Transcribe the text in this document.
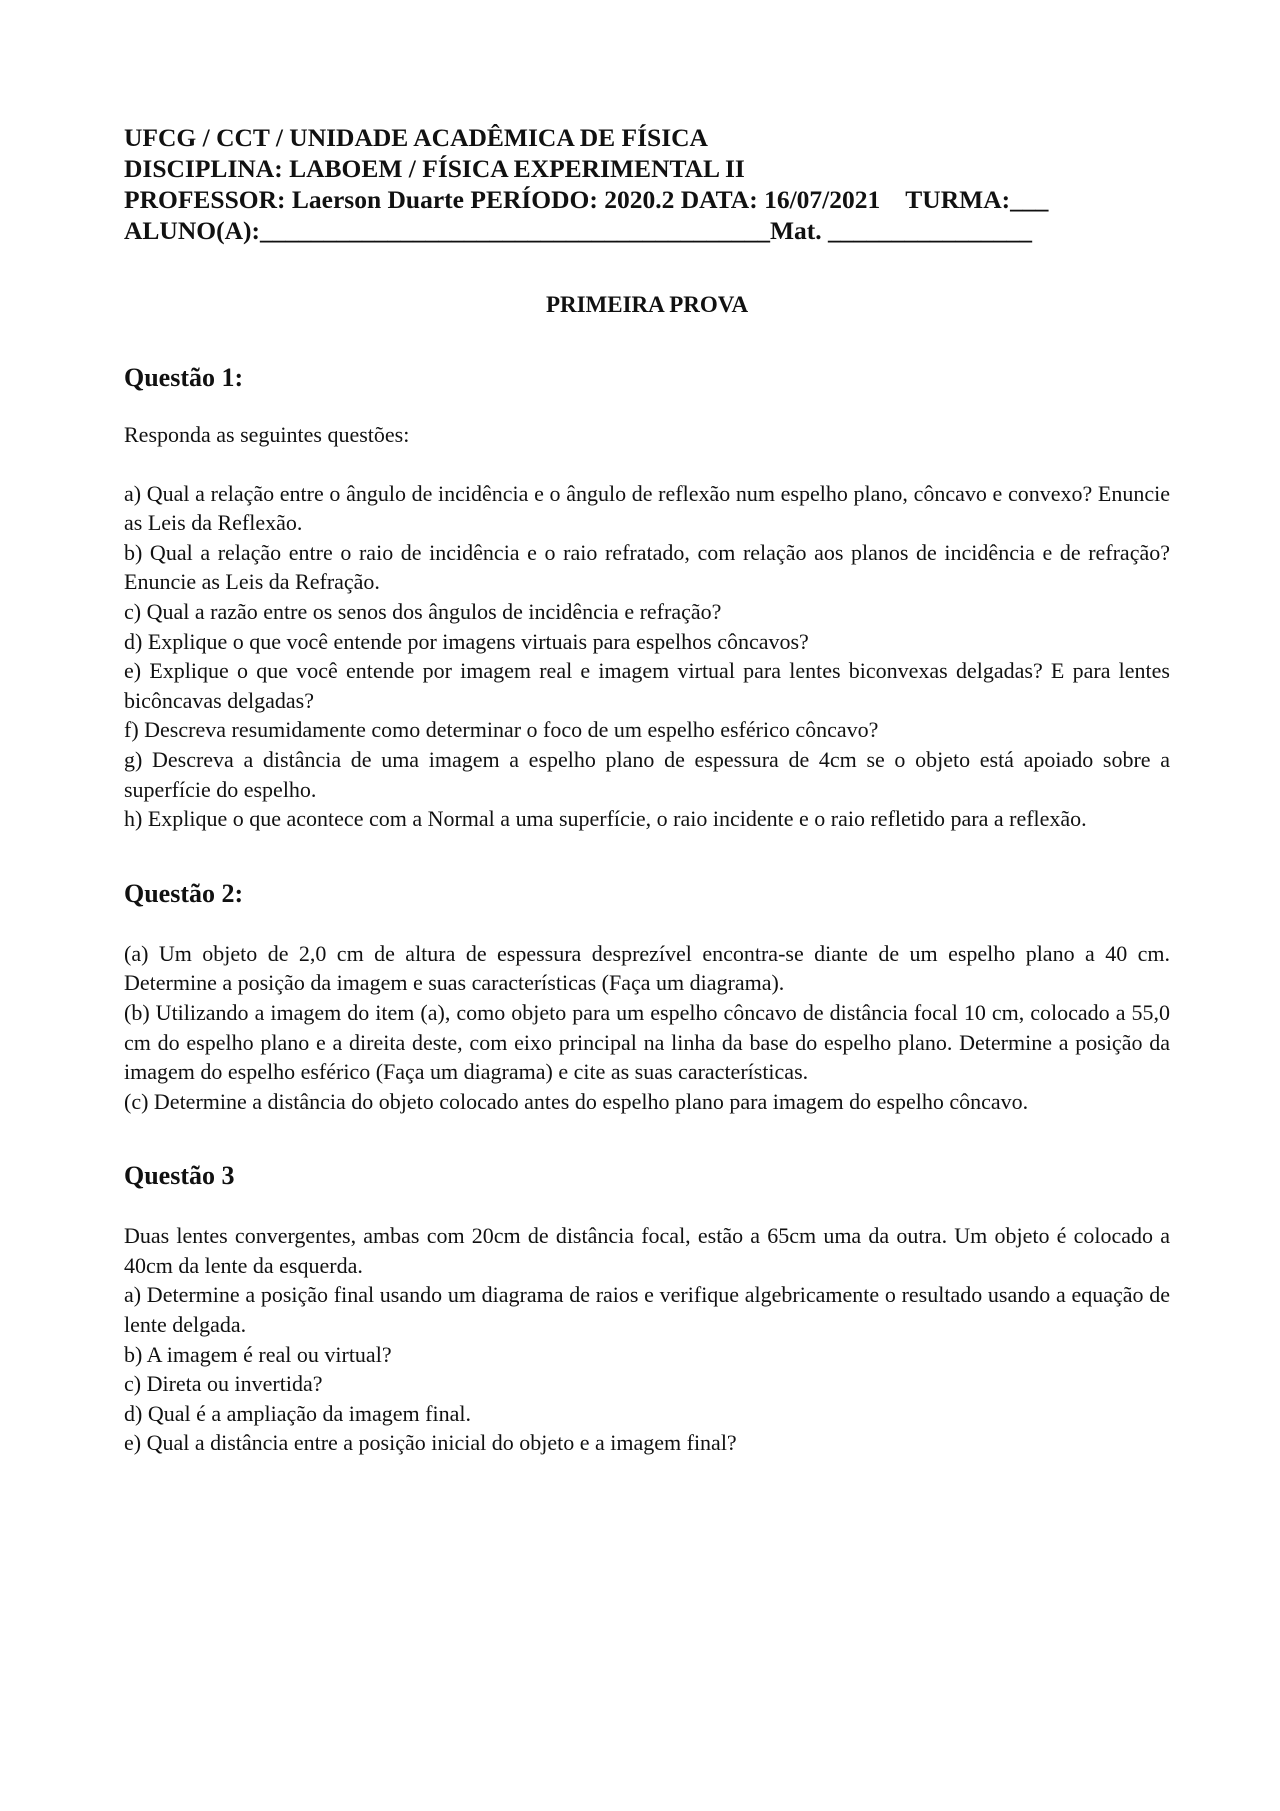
UFCG / CCT / UNIDADE ACADÊMICA DE FÍSICA
DISCIPLINA: LABOEM / FÍSICA EXPERIMENTAL II
PROFESSOR: Laerson Duarte PERÍODO: 2020.2 DATA: 16/07/2021    TURMA:___
ALUNO(A):________________________________________Mat. ________________
PRIMEIRA PROVA
Questão 1:
Responda as seguintes questões:
a) Qual a relação entre o ângulo de incidência e o ângulo de reflexão num espelho plano, côncavo e convexo? Enuncie as Leis da Reflexão.
b) Qual a relação entre o raio de incidência e o raio refratado, com relação aos planos de incidência e de refração? Enuncie as Leis da Refração.
c) Qual a razão entre os senos dos ângulos de incidência e refração?
d) Explique o que você entende por imagens virtuais para espelhos côncavos?
e) Explique o que você entende por imagem real e imagem virtual para lentes biconvexas delgadas? E para lentes bicôncavas delgadas?
f) Descreva resumidamente como determinar o foco de um espelho esférico côncavo?
g) Descreva a distância de uma imagem a espelho plano de espessura de 4cm se o objeto está apoiado sobre a superfície do espelho.
h) Explique o que acontece com a Normal a uma superfície, o raio incidente e o raio refletido para a reflexão.
Questão 2:
(a) Um objeto de 2,0 cm de altura de espessura desprezível encontra-se diante de um espelho plano a 40 cm. Determine a posição da imagem e suas características (Faça um diagrama).
(b) Utilizando a imagem do item (a), como objeto para um espelho côncavo de distância focal 10 cm, colocado a 55,0 cm do espelho plano e a direita deste, com eixo principal na linha da base do espelho plano. Determine a posição da imagem do espelho esférico (Faça um diagrama) e cite as suas características.
(c) Determine a distância do objeto colocado antes do espelho plano para imagem do espelho côncavo.
Questão 3
Duas lentes convergentes, ambas com 20cm de distância focal, estão a 65cm uma da outra. Um objeto é colocado a 40cm da lente da esquerda.
a) Determine a posição final usando um diagrama de raios e verifique algebricamente o resultado usando a equação de lente delgada.
b) A imagem é real ou virtual?
c) Direta ou invertida?
d) Qual é a ampliação da imagem final.
e) Qual a distância entre a posição inicial do objeto e a imagem final?
